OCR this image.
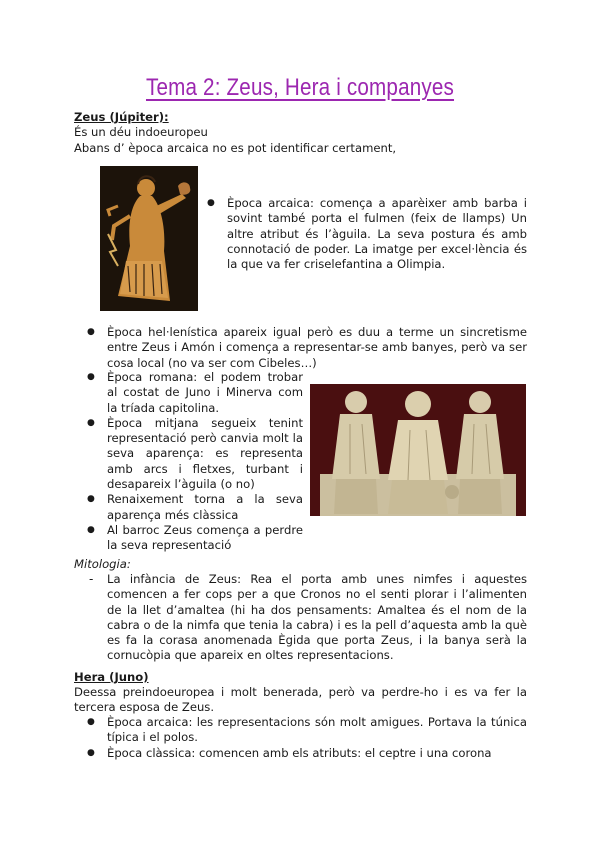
Tema 2: Zeus, Hera i companyes
Zeus (Júpiter):
És un déu indoeuropeu
Abans d’ època arcaica no es pot identificar certament,
● Època arcaica: comença a aparèixer amb barba i sovint també porta el fulmen (feix de llamps) Un altre atribut és l’àguila. La seva postura és amb connotació de poder. La imatge per excel·lència és la que va fer criselefantina a Olimpia.
● Època hel·lenística apareix igual però es duu a terme un sincretisme entre Zeus i Amón i comença a representar-se amb banyes, però va ser cosa local (no va ser com Cibeles…)
● Època romana: el podem trobar al costat de Juno i Minerva com la tríada capitolina.
● Època mitjana segueix tenint representació però canvia molt la seva aparença: es representa amb arcs i fletxes, turbant i desapareix l’àguila (o no)
● Renaixement torna a la seva aparença més clàssica
● Al barroc Zeus comença a perdre la seva representació
Mitologia:
- La infància de Zeus: Rea el porta amb unes nimfes i aquestes comencen a fer cops per a que Cronos no el senti plorar i l’alimenten de la llet d’amaltea (hi ha dos pensaments: Amaltea és el nom de la cabra o de la nimfa que tenia la cabra) i es la pell d’aquesta amb la què es fa la corasa anomenada Ègida que porta Zeus, i la banya serà la cornucòpia que apareix en oltes representacions.
Hera (Juno)
Deessa preindoeuropea i molt benerada, però va perdre-ho i es va fer la tercera esposa de Zeus.
● Època arcaica: les representacions són molt amigues. Portava la túnica típica i el polos.
● Època clàssica: comencen amb els atributs: el ceptre i una corona
